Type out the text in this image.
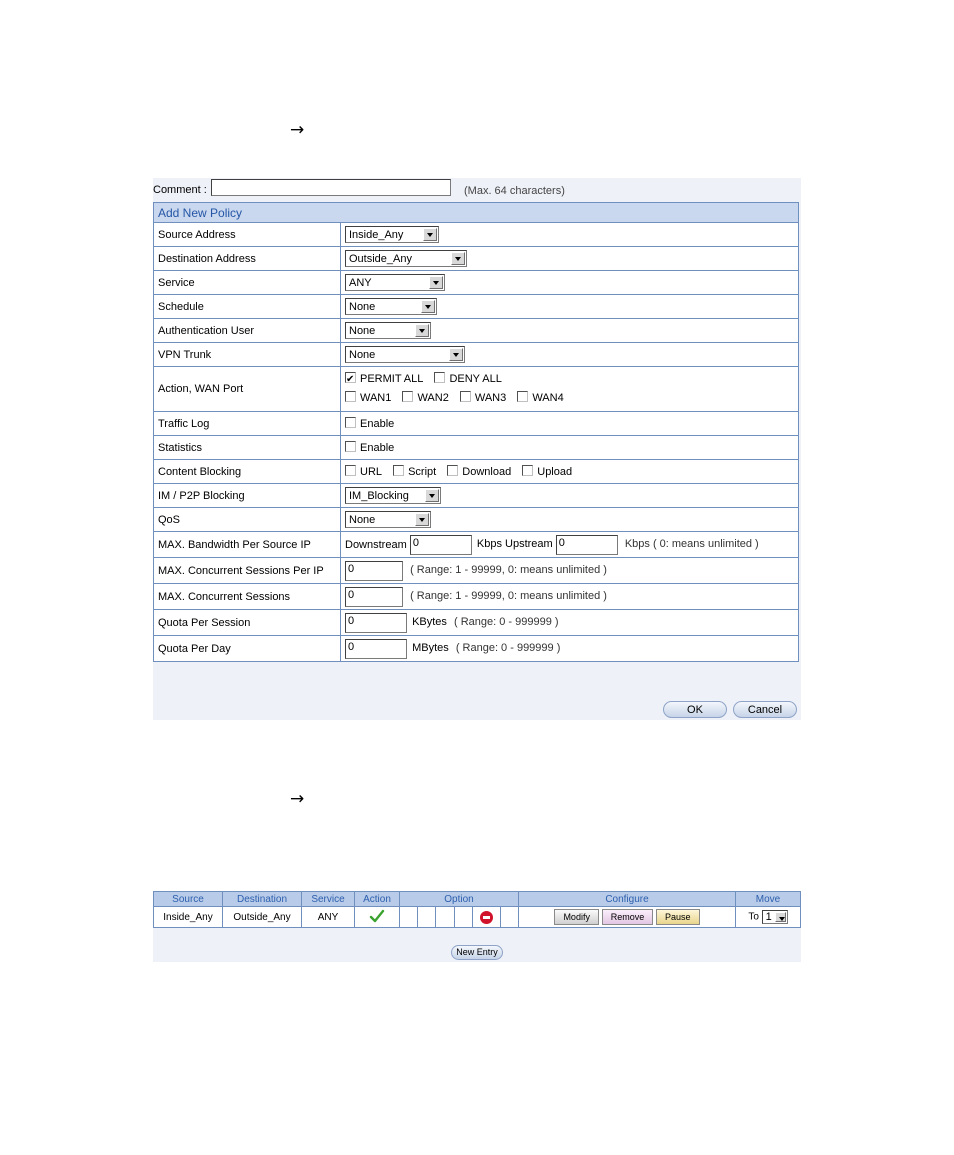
→
Comment :	(Max. 64 characters)
Add New Policy	
Source Address	Inside_Any

Destination Address	Outside_Any

Service	ANY

Schedule	None

Authentication User	None

VPN Trunk	None

Action, WAN Port	✔PERMIT ALL DENY ALL
WAN1 WAN2 WAN3 WAN4
Traffic Log	Enable
Statistics	Enable
Content Blocking	URL Script Download Upload
IM / P2P Blocking	IM_Blocking

QoS	None

MAX. Bandwidth Per Source IP	Downstream 0 Kbps Upstream 0 Kbps ( 0: means unlimited )
MAX. Concurrent Sessions Per IP	0 ( Range: 1 - 99999, 0: means unlimited )
MAX. Concurrent Sessions	0 ( Range: 1 - 99999, 0: means unlimited )
Quota Per Session	0 KBytes ( Range: 0 - 999999 )
Quota Per Day	0 MBytes ( Range: 0 - 999999 )
OK	Cancel
→
Source	Destination	Service	Action	Option						Configure	Move
Inside_Any	Outside_Any	ANY								Modify Remove Pause	To 1
New Entry
